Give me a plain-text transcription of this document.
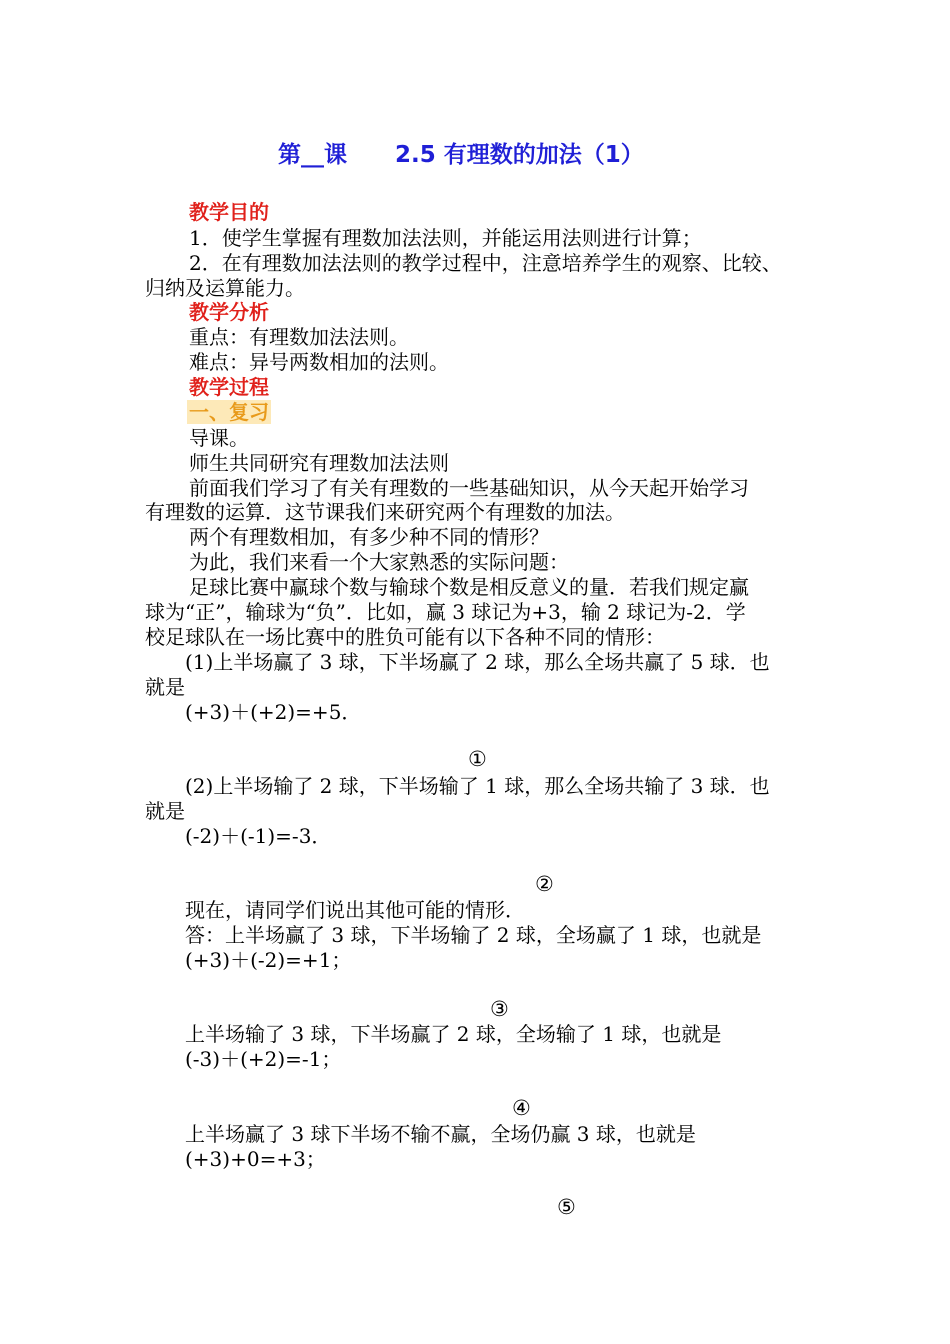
第__课      2.5 有理数的加法（1）
教学目的
1．使学生掌握有理数加法法则，并能运用法则进行计算；
2．在有理数加法法则的教学过程中，注意培养学生的观察、比较、
归纳及运算能力。
教学分析
重点：有理数加法法则。
难点：异号两数相加的法则。
教学过程
一、复习
导课。
师生共同研究有理数加法法则
前面我们学习了有关有理数的一些基础知识，从今天起开始学习
有理数的运算．这节课我们来研究两个有理数的加法。
两个有理数相加，有多少种不同的情形？
为此，我们来看一个大家熟悉的实际问题：
足球比赛中赢球个数与输球个数是相反意义的量．若我们规定赢
球为“正”，输球为“负”．比如，赢 3 球记为+3，输 2 球记为-2．学
校足球队在一场比赛中的胜负可能有以下各种不同的情形：
(1)上半场赢了 3 球，下半场赢了 2 球，那么全场共赢了 5 球．也
就是
(+3)＋(+2)=+5．
①
(2)上半场输了 2 球，下半场输了 1 球，那么全场共输了 3 球．也
就是
(-2)＋(-1)=-3．
②
现在，请同学们说出其他可能的情形．
答：上半场赢了 3 球，下半场输了 2 球，全场赢了 1 球，也就是
(+3)＋(-2)=+1；
③
上半场输了 3 球，下半场赢了 2 球，全场输了 1 球，也就是
(-3)＋(+2)=-1；
④
上半场赢了 3 球下半场不输不赢，全场仍赢 3 球，也就是
(+3)+0=+3；
⑤
